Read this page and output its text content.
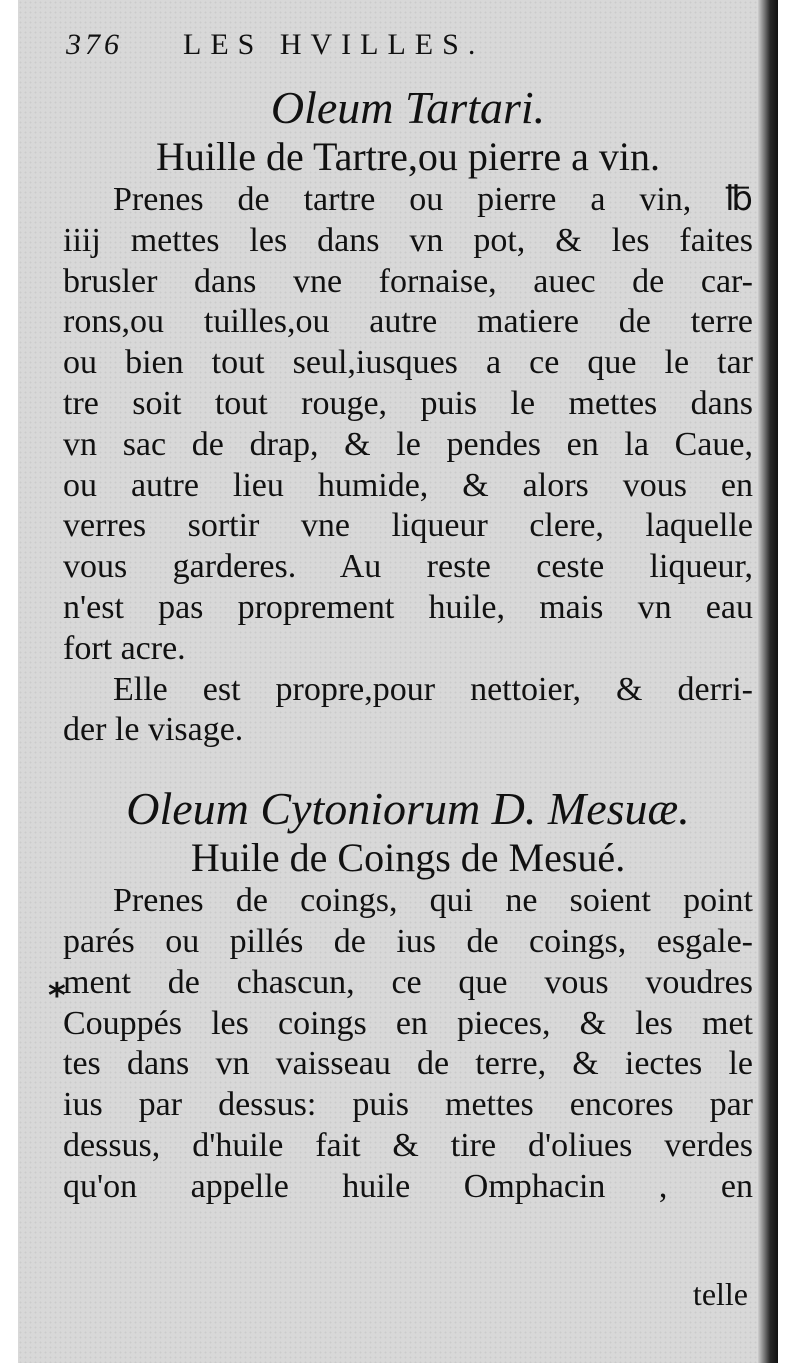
376 LES HVILLES.

Oleum Tartari.

Huille de Tartre,ou pierre a vin.

Prenes de tartre ou pierre a vin, ℔
iiij mettes les dans vn pot, & les faites
brusler dans vne fornaise, auec de car-
rons,ou tuilles,ou autre matiere de terre
ou bien tout seul,iusques a ce que le tar
tre soit tout rouge, puis le mettes dans
vn sac de drap, & le pendes en la Caue,
ou autre lieu humide, & alors vous en
verres sortir vne liqueur clere, laquelle
vous garderes. Au reste ceste liqueur,
n'est pas proprement huile, mais vn eau
fort acre.
Elle est propre,pour nettoier, & derri-
der le visage.

Oleum Cytoniorum D. Mesuæ.

Huile de Coings de Mesué.

Prenes de coings, qui ne soient point
parés ou pillés de ius de coings, esgale-
ment de chascun, ce que vous voudres
Couppés les coings en pieces, & les met
tes dans vn vaisseau de terre, & iectes le
ius par dessus: puis mettes encores par
dessus, d'huile fait & tire d'oliues verdes
qu'on appelle huile Omphacin , en
*
telle
